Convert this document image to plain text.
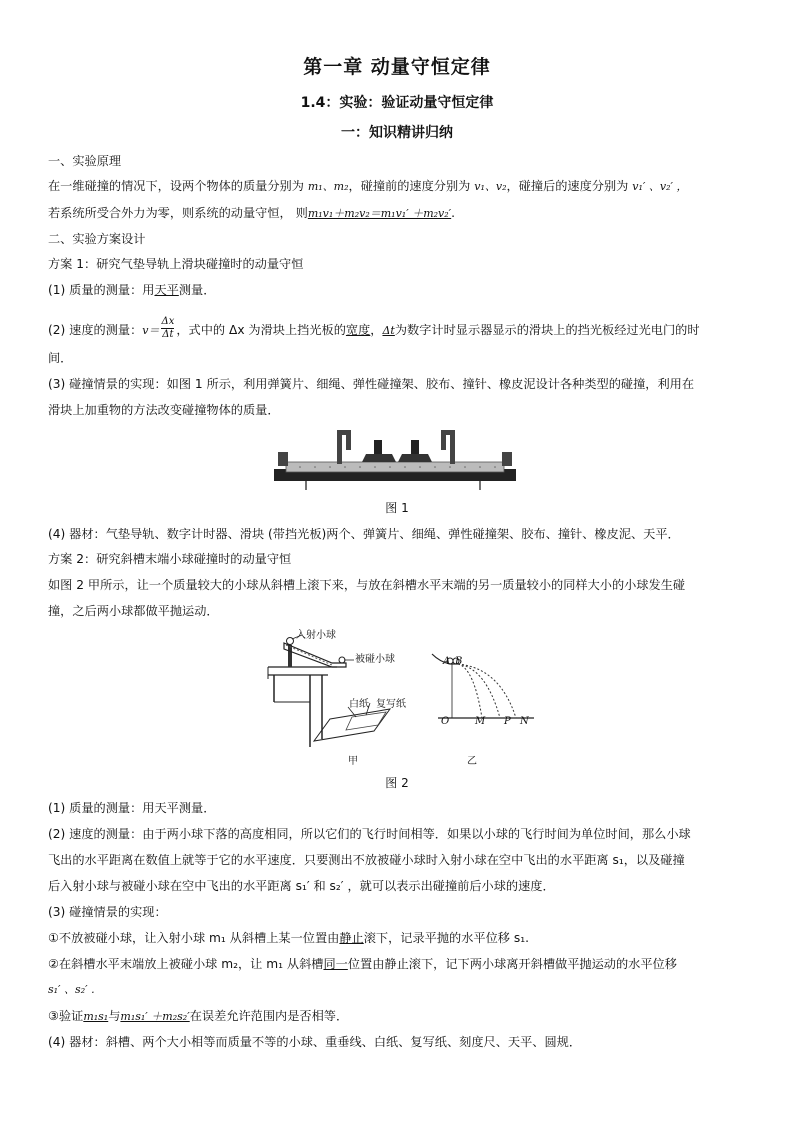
第一章 动量守恒定律
1.4：实验：验证动量守恒定律
一：知识精讲归纳
一、实验原理
在一维碰撞的情况下，设两个物体的质量分别为 m₁、m₂，碰撞前的速度分别为 v₁、v₂，碰撞后的速度分别为 v₁′ 、v₂′ ，
若系统所受合外力为零，则系统的动量守恒， 则m₁v₁＋m₂v₂＝m₁v₁′ ＋m₂v₂′.
二、实验方案设计
方案 1：研究气垫导轨上滑块碰撞时的动量守恒
(1) 质量的测量：用天平测量．
(2) 速度的测量：$v= \frac{\Delta x}{\Delta t}$ ，式中的 Δx 为滑块上挡光板的宽度，Δt为数字计时显示器显示的滑块上的挡光板经过光电门的时
间．
(3) 碰撞情景的实现：如图 1 所示，利用弹簧片、细绳、弹性碰撞架、胶布、撞针、橡皮泥设计各种类型的碰撞，利用在
滑块上加重物的方法改变碰撞物体的质量．
图 1
(4) 器材：气垫导轨、数字计时器、滑块 (带挡光板)两个、弹簧片、细绳、弹性碰撞架、胶布、撞针、橡皮泥、天平．
方案 2：研究斜槽末端小球碰撞时的动量守恒
如图 2 甲所示，让一个质量较大的小球从斜槽上滚下来，与放在斜槽水平末端的另一质量较小的同样大小的小球发生碰
撞，之后两小球都做平抛运动．
入射小球
被碰小球
白纸 复写纸
甲
A B
O	M P N
乙
图 2
(1) 质量的测量：用天平测量．
(2) 速度的测量：由于两小球下落的高度相同，所以它们的飞行时间相等．如果以小球的飞行时间为单位时间，那么小球
飞出的水平距离在数值上就等于它的水平速度．只要测出不放被碰小球时入射小球在空中飞出的水平距离 s₁，以及碰撞
后入射小球与被碰小球在空中飞出的水平距离 s₁′ 和 s₂′ ，就可以表示出碰撞前后小球的速度．
(3) 碰撞情景的实现：
①不放被碰小球，让入射小球 m₁ 从斜槽上某一位置由静止滚下，记录平抛的水平位移 s₁.
②在斜槽水平末端放上被碰小球 m₂，让 m₁ 从斜槽同一位置由静止滚下，记下两小球离开斜槽做平抛运动的水平位移
s₁′ 、s₂′ .
③验证m₁s₁与m₁s₁′ ＋m₂s₂′在误差允许范围内是否相等．
(4) 器材：斜槽、两个大小相等而质量不等的小球、重垂线、白纸、复写纸、刻度尺、天平、圆规．
